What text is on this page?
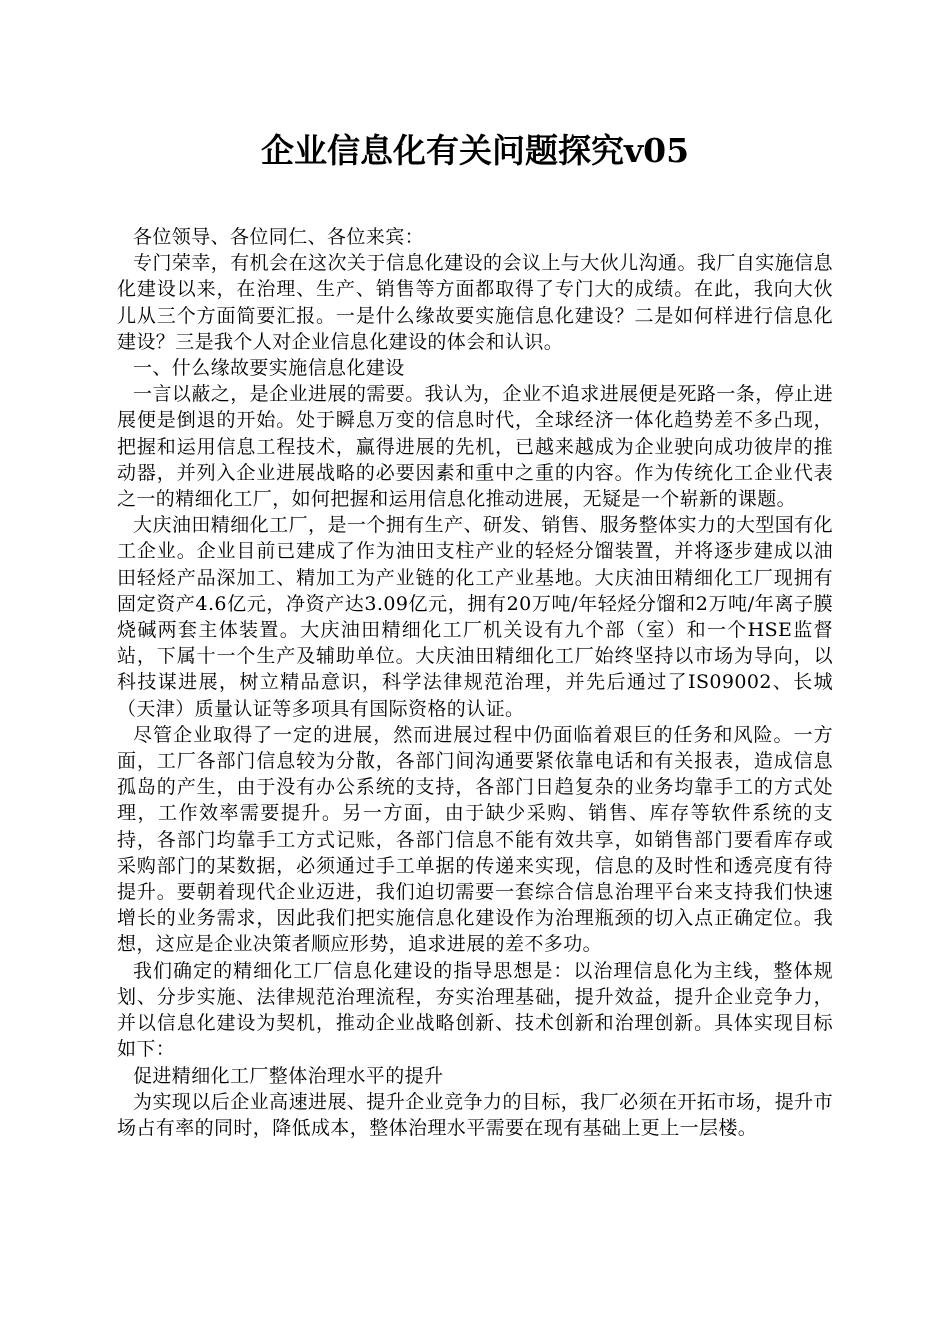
企业信息化有关问题探究v05

各位领导、各位同仁、各位来宾：

专门荣幸，有机会在这次关于信息化建设的会议上与大伙儿沟通。我厂自实施信息化建设以来，在治理、生产、销售等方面都取得了专门大的成绩。在此，我向大伙儿从三个方面简要汇报。一是什么缘故要实施信息化建设？二是如何样进行信息化建设？三是我个人对企业信息化建设的体会和认识。

一、什么缘故要实施信息化建设

一言以蔽之，是企业进展的需要。我认为，企业不追求进展便是死路一条，停止进展便是倒退的开始。处于瞬息万变的信息时代，全球经济一体化趋势差不多凸现，把握和运用信息工程技术，赢得进展的先机，已越来越成为企业驶向成功彼岸的推动器，并列入企业进展战略的必要因素和重中之重的内容。作为传统化工企业代表之一的精细化工厂，如何把握和运用信息化推动进展，无疑是一个崭新的课题。

大庆油田精细化工厂，是一个拥有生产、研发、销售、服务整体实力的大型国有化工企业。企业目前已建成了作为油田支柱产业的轻烃分馏装置，并将逐步建成以油田轻烃产品深加工、精加工为产业链的化工产业基地。大庆油田精细化工厂现拥有固定资产4.6亿元，净资产达3.09亿元，拥有20万吨/年轻烃分馏和2万吨/年离子膜烧碱两套主体装置。大庆油田精细化工厂机关设有九个部（室）和一个HSE监督站，下属十一个生产及辅助单位。大庆油田精细化工厂始终坚持以市场为导向，以科技谋进展，树立精品意识，科学法律规范治理，并先后通过了IS09002、长城（天津）质量认证等多项具有国际资格的认证。

尽管企业取得了一定的进展，然而进展过程中仍面临着艰巨的任务和风险。一方面，工厂各部门信息较为分散，各部门间沟通要紧依靠电话和有关报表，造成信息孤岛的产生，由于没有办公系统的支持，各部门日趋复杂的业务均靠手工的方式处理，工作效率需要提升。另一方面，由于缺少采购、销售、库存等软件系统的支持，各部门均靠手工方式记账，各部门信息不能有效共享，如销售部门要看库存或采购部门的某数据，必须通过手工单据的传递来实现，信息的及时性和透亮度有待提升。要朝着现代企业迈进，我们迫切需要一套综合信息治理平台来支持我们快速增长的业务需求，因此我们把实施信息化建设作为治理瓶颈的切入点正确定位。我想，这应是企业决策者顺应形势，追求进展的差不多功。

我们确定的精细化工厂信息化建设的指导思想是：以治理信息化为主线，整体规划、分步实施、法律规范治理流程，夯实治理基础，提升效益，提升企业竞争力，并以信息化建设为契机，推动企业战略创新、技术创新和治理创新。具体实现目标如下：

促进精细化工厂整体治理水平的提升

为实现以后企业高速进展、提升企业竞争力的目标，我厂必须在开拓市场，提升市场占有率的同时，降低成本，整体治理水平需要在现有基础上更上一层楼。
